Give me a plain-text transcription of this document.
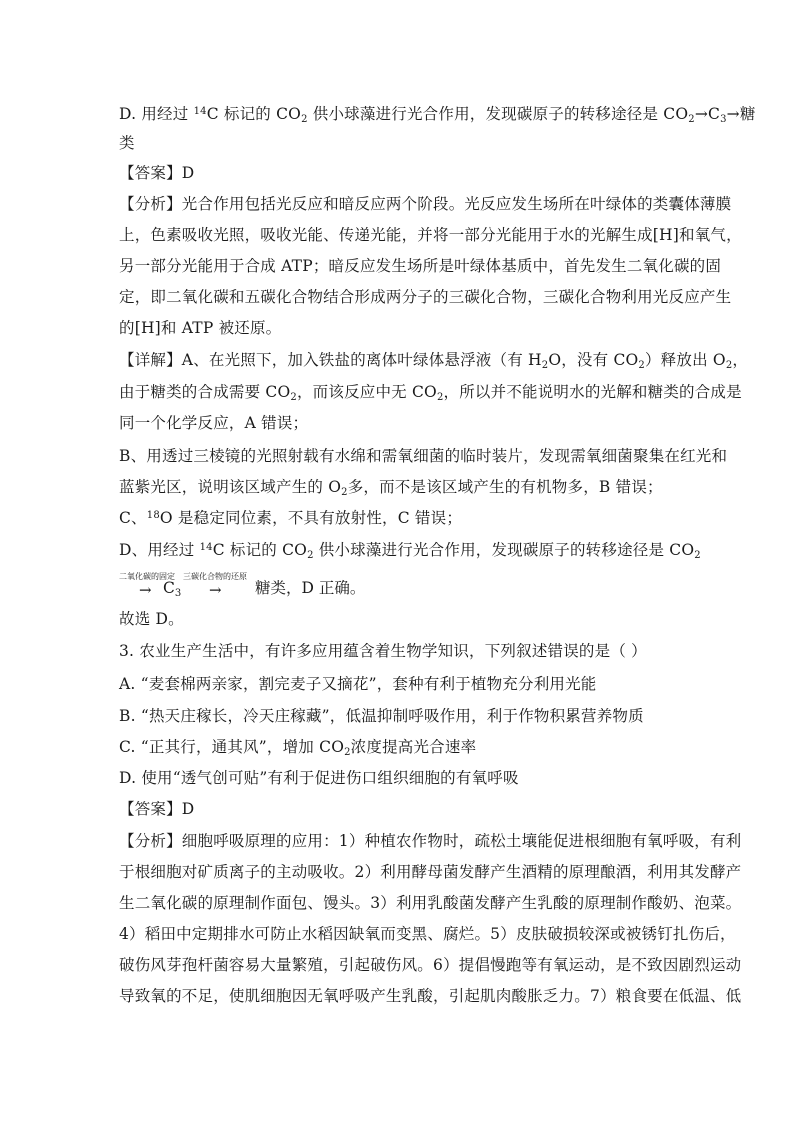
D. 用经过 $^{14}$C 标记的 $CO_2$ 供小球藻进行光合作用，发现碳原子的转移途径是 $CO_2\to C_3\to$糖
类
【答案】D
【分析】光合作用包括光反应和暗反应两个阶段。光反应发生场所在叶绿体的类囊体薄膜
上，色素吸收光照，吸收光能、传递光能，并将一部分光能用于水的光解生成[H]和氧气，
另一部分光能用于合成 ATP；暗反应发生场所是叶绿体基质中，首先发生二氧化碳的固
定，即二氧化碳和五碳化合物结合形成两分子的三碳化合物，三碳化合物利用光反应产生
的[H]和 ATP 被还原。
【详解】A、在光照下，加入铁盐的离体叶绿体悬浮液（有 $H_2O$，没有 $CO_2$）释放出 $O_2$，
由于糖类的合成需要 $CO_2$，而该反应中无 $CO_2$，所以并不能说明水的光解和糖类的合成是
同一个化学反应，A 错误；
B、用透过三棱镜的光照射载有水绵和需氧细菌的临时装片，发现需氧细菌聚集在红光和
蓝紫光区，说明该区域产生的 $O_2$多，而不是该区域产生的有机物多，B 错误；
C、$^{18}$O 是稳定同位素，不具有放射性，C 错误；
D、用经过 $^{14}$C 标记的 $CO_2$ 供小球藻进行光合作用，发现碳原子的转移途径是 $CO_2$
二氧化碳的固定
→ $C_3$
三碳化合物的还原
→ 糖类，D 正确。
故选 D。
3. 农业生产生活中，有许多应用蕴含着生物学知识，下列叙述错误的是（ ）
A. “麦套棉两亲家，割完麦子又摘花”，套种有利于植物充分利用光能
B. “热天庄稼长，冷天庄稼藏”，低温抑制呼吸作用，利于作物积累营养物质
C. “正其行，通其风”，增加 $CO_2$浓度提高光合速率
D. 使用“透气创可贴”有利于促进伤口组织细胞的有氧呼吸
【答案】D
【分析】细胞呼吸原理的应用：1）种植农作物时，疏松土壤能促进根细胞有氧呼吸，有利
于根细胞对矿质离子的主动吸收。2）利用酵母菌发酵产生酒精的原理酿酒，利用其发酵产
生二氧化碳的原理制作面包、馒头。3）利用乳酸菌发酵产生乳酸的原理制作酸奶、泡菜。
4）稻田中定期排水可防止水稻因缺氧而变黑、腐烂。5）皮肤破损较深或被锈钉扎伤后，
破伤风芽孢杆菌容易大量繁殖，引起破伤风。6）提倡慢跑等有氧运动，是不致因剧烈运动
导致氧的不足，使肌细胞因无氧呼吸产生乳酸，引起肌肉酸胀乏力。7）粮食要在低温、低
